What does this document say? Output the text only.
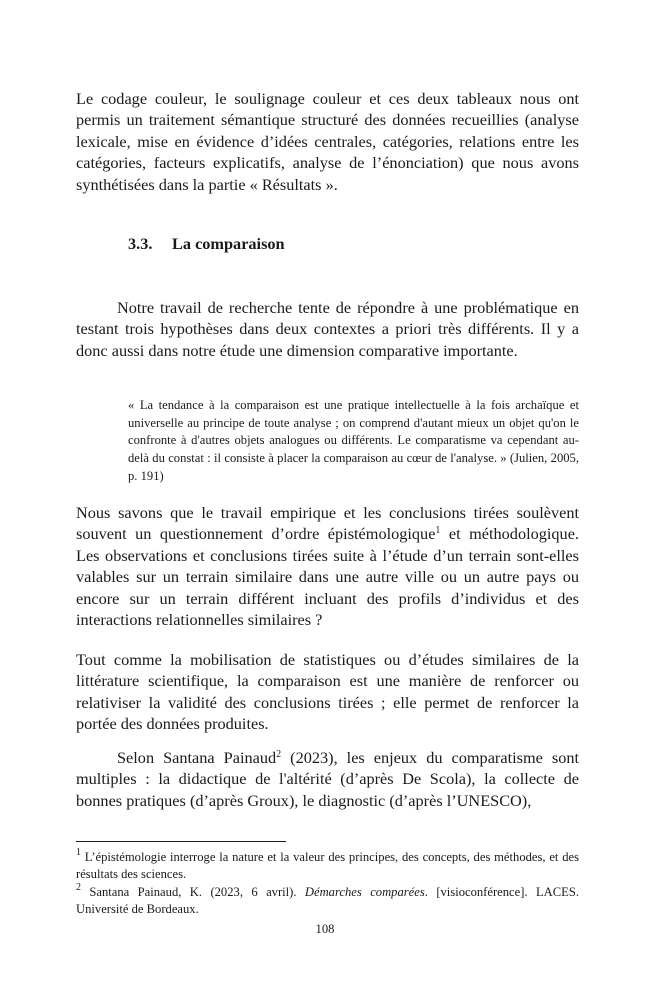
Le codage couleur, le soulignage couleur et ces deux tableaux nous ont permis un traitement sémantique structuré des données recueillies (analyse lexicale, mise en évidence d’idées centrales, catégories, relations entre les catégories, facteurs explicatifs, analyse de l’énonciation) que nous avons synthétisées dans la partie « Résultats ».

3.3. La comparaison

Notre travail de recherche tente de répondre à une problématique en testant trois hypothèses dans deux contextes a priori très différents. Il y a donc aussi dans notre étude une dimension comparative importante.

« La tendance à la comparaison est une pratique intellectuelle à la fois archaïque et universelle au principe de toute analyse ; on comprend d'autant mieux un objet qu'on le confronte à d'autres objets analogues ou différents. Le comparatisme va cependant au-delà du constat : il consiste à placer la comparaison au cœur de l'analyse. » (Julien, 2005, p. 191)

Nous savons que le travail empirique et les conclusions tirées soulèvent souvent un questionnement d’ordre épistémologique$^1$ et méthodologique. Les observations et conclusions tirées suite à l’étude d’un terrain sont-elles valables sur un terrain similaire dans une autre ville ou un autre pays ou encore sur un terrain différent incluant des profils d’individus et des interactions relationnelles similaires ?

Tout comme la mobilisation de statistiques ou d’études similaires de la littérature scientifique, la comparaison est une manière de renforcer ou relativiser la validité des conclusions tirées ; elle permet de renforcer la portée des données produites.

Selon Santana Painaud$^2$ (2023), les enjeux du comparatisme sont multiples : la didactique de l'altérité (d’après De Scola), la collecte de bonnes pratiques (d’après Groux), le diagnostic (d’après l’UNESCO),

$^1$ L’épistémologie interroge la nature et la valeur des principes, des concepts, des méthodes, et des résultats des sciences.

$^2$ Santana Painaud, K. (2023, 6 avril). Démarches comparées. [visioconférence]. LACES. Université de Bordeaux.

108
